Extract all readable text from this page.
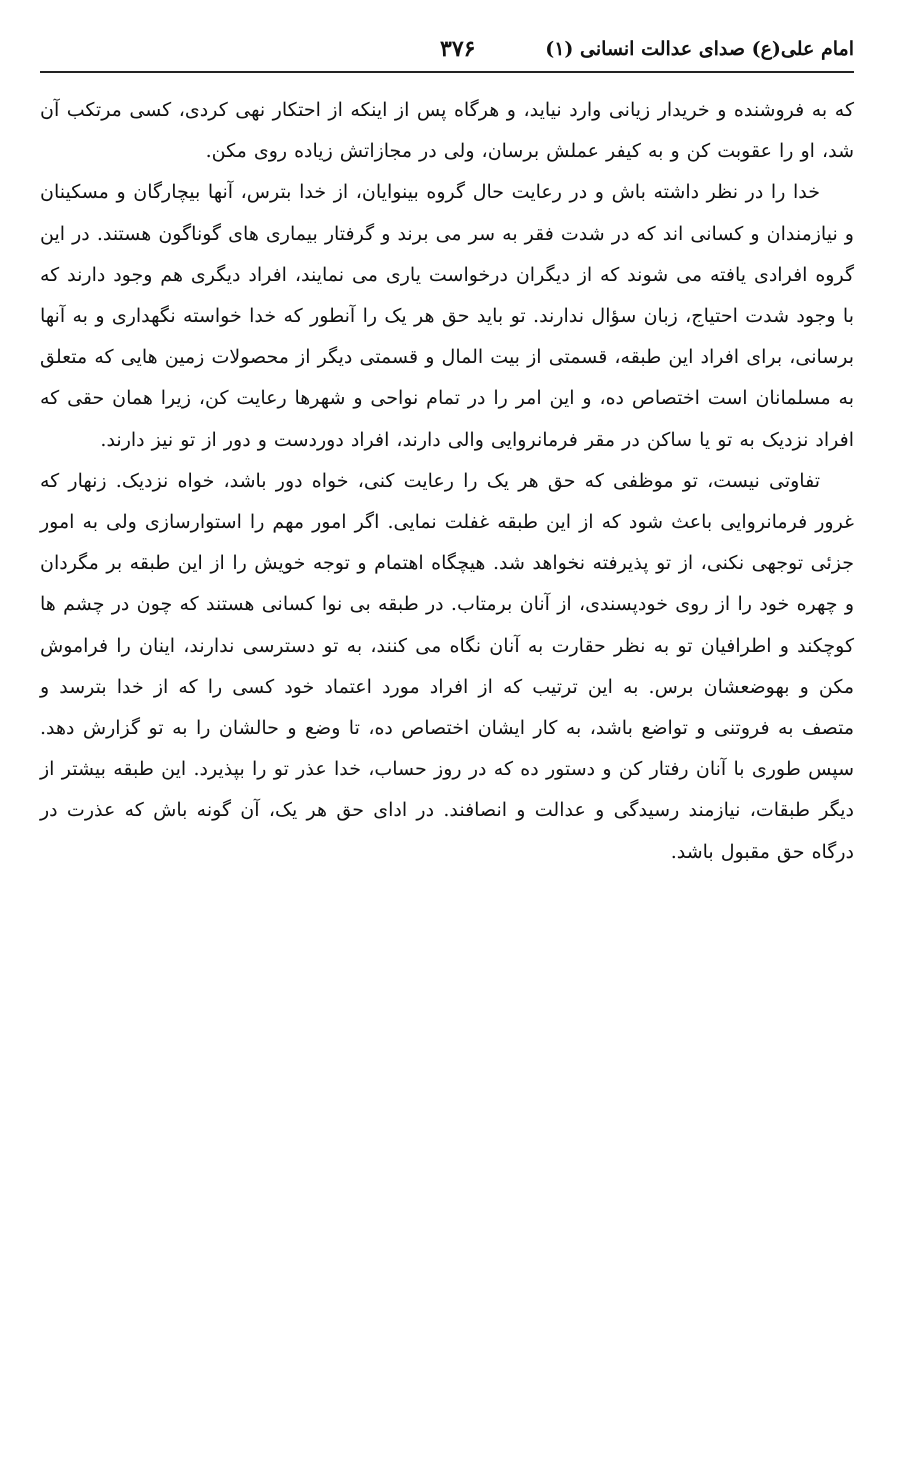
امام علی(ع) صدای عدالت انسانی (۱)
۳۷۶

که به فروشنده و خریدار زیانی وارد نیاید، و هرگاه پس از اینکه از احتکار نهی کردی، کسی مرتکب آن شد، او را عقوبت کن و به کیفر عملش برسان، ولی در مجازاتش زیاده روی مکن.

خدا را در نظر داشته باش و در رعایت حال گروه بینوایان، از خدا بترس، آنها بیچارگان و مسکینان و نیازمندان و کسانی اند که در شدت فقر به سر می برند و گرفتار بیماری های گوناگون هستند. در این گروه افرادی یافته می شوند که از دیگران درخواست یاری می نمایند، افراد دیگری هم وجود دارند که با وجود شدت احتیاج، زبان سؤال ندارند. تو باید حق هر یک را آنطور که خدا خواسته نگهداری و به آنها برسانی، برای افراد این طبقه، قسمتی از بیت المال و قسمتی دیگر از محصولات زمین هایی که متعلق به مسلمانان است اختصاص ده، و این امر را در تمام نواحی و شهرها رعایت کن، زیرا همان حقی که افراد نزدیک به تو یا ساکن در مقر فرمانروایی والی دارند، افراد دوردست و دور از تو نیز دارند.

تفاوتی نیست، تو موظفی که حق هر یک را رعایت کنی، خواه دور باشد، خواه نزدیک. زنهار که غرور فرمانروایی باعث شود که از این طبقه غفلت نمایی. اگر امور مهم را استوارسازی ولی به امور جزئی توجهی نکنی، از تو پذیرفته نخواهد شد. هیچگاه اهتمام و توجه خویش را از این طبقه بر مگردان و چهره خود را از روی خودپسندی، از آنان برمتاب. در طبقه بی نوا کسانی هستند که چون در چشم ها کوچکند و اطرافیان تو به نظر حقارت به آنان نگاه می کنند، به تو دسترسی ندارند، اینان را فراموش مکن و بهوضعشان برس. به این ترتیب که از افراد مورد اعتماد خود کسی را که از خدا بترسد و متصف به فروتنی و تواضع باشد، به کار ایشان اختصاص ده، تا وضع و حالشان را به تو گزارش دهد. سپس طوری با آنان رفتار کن و دستور ده که در روز حساب، خدا عذر تو را بپذیرد. این طبقه بیشتر از دیگر طبقات، نیازمند رسیدگی و عدالت و انصافند. در ادای حق هر یک، آن گونه باش که عذرت در درگاه حق مقبول باشد.
